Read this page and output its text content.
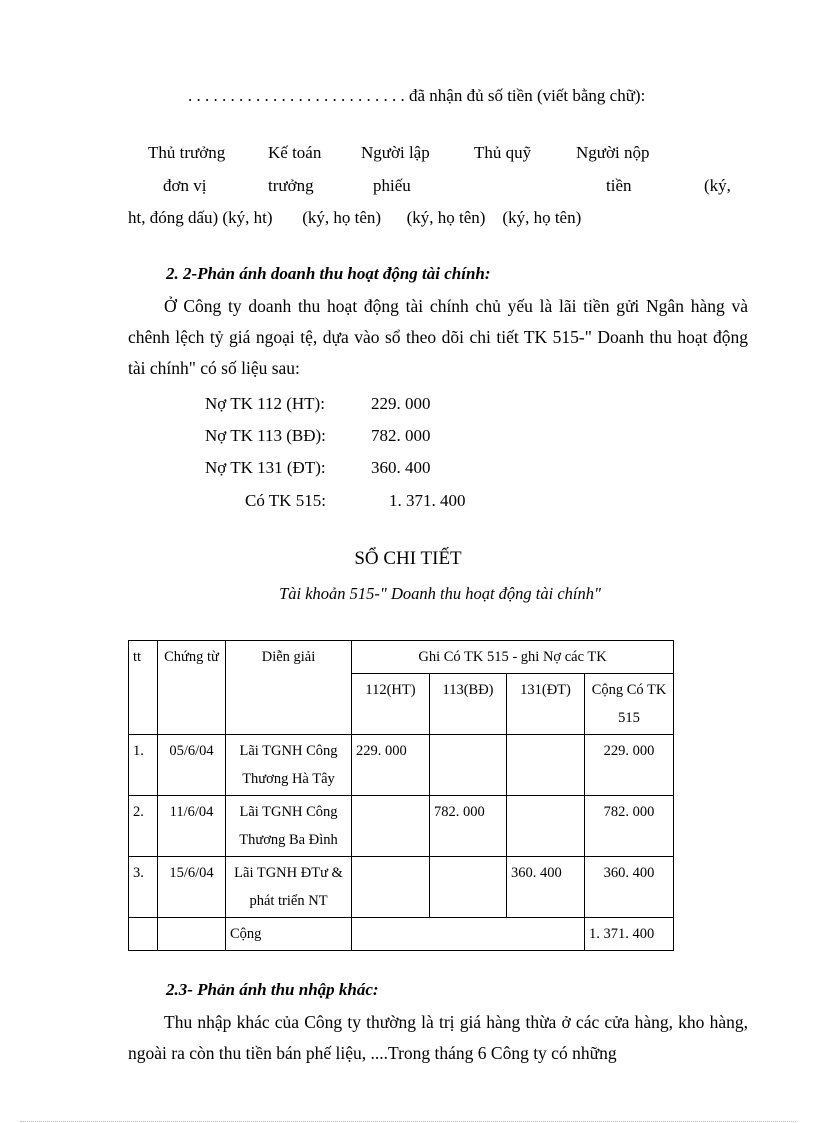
. . . . . . . . . . . . . . . . . . . . . . . . . . đã nhận đủ số tiền (viết bằng chữ):
Thủ trưởng	Kế toán Người lập	Thủ quỹ	Người nộp
đơn vị	trưởng	phiếu	tiền	(ký,
ht, đóng dấu) (ký, ht)       (ký, họ tên)      (ký, họ tên)    (ký, họ tên)
2. 2-Phản ánh doanh thu hoạt động tài chính:
Ở Công ty doanh thu hoạt động tài chính chủ yếu là lãi tiền gửi Ngân hàng và chênh lệch tỷ giá ngoại tệ, dựa vào sổ theo dõi chi tiết TK 515-" Doanh thu hoạt động tài chính" có số liệu sau:
Nợ TK 112 (HT):	229. 000
Nợ TK 113 (BĐ):	782. 000
Nợ TK 131 (ĐT):	360. 400
Có TK 515:	1. 371. 400
SỔ CHI TIẾT
Tài khoản 515-" Doanh thu hoạt động tài chính"
tt	Chứng từ	Diễn giải	Ghi Có TK 515 - ghi Nợ các TK			
			112(HT)	113(BĐ)	131(ĐT)	Cộng Có TK 515
1.	05/6/04	Lãi TGNH Công Thương Hà Tây	229. 000			229. 000
2.	11/6/04	Lãi TGNH Công Thương Ba Đình		782. 000		782. 000
3.	15/6/04	Lãi TGNH ĐTư & phát triển NT			360. 400	360. 400
		Cộng				1. 371. 400
2.3- Phản ánh thu nhập khác:
Thu nhập khác của Công ty thường là trị giá hàng thừa ở các cửa hàng, kho hàng, ngoài ra còn thu tiền bán phế liệu, ....Trong tháng 6 Công ty có những
